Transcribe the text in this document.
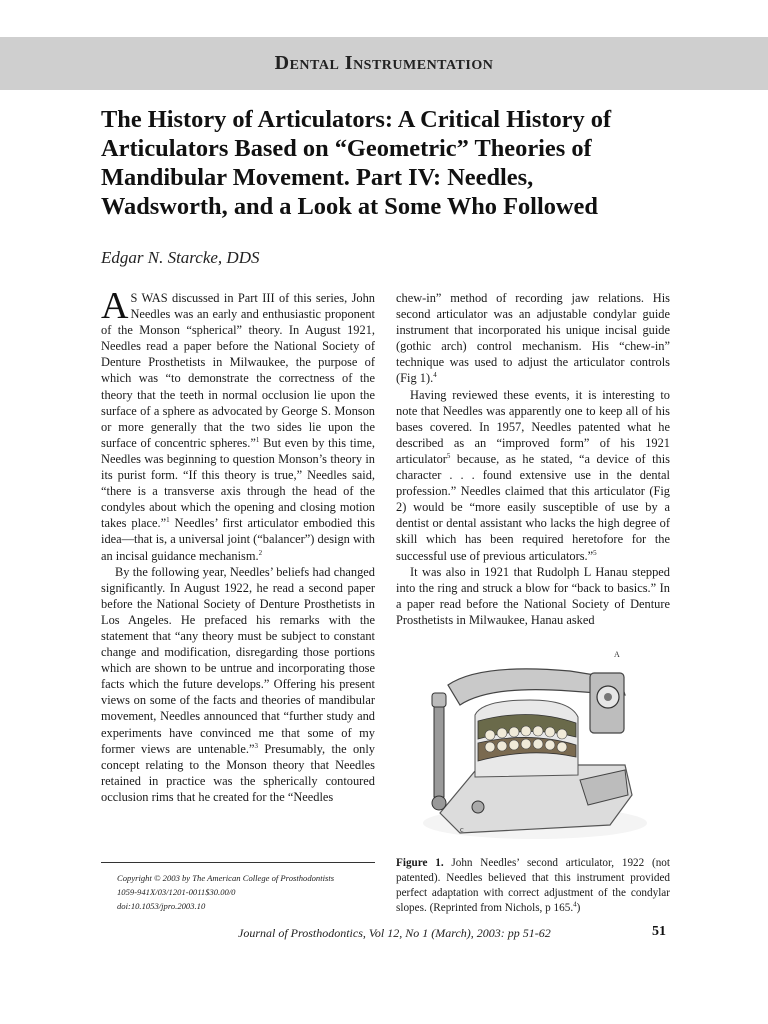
Dental Instrumentation
The History of Articulators: A Critical History of Articulators Based on “Geometric” Theories of Mandibular Movement. Part IV: Needles, Wadsworth, and a Look at Some Who Followed
Edgar N. Starcke, DDS

A S WAS discussed in Part III of this series, John Needles was an early and enthusiastic proponent of the Monson “spherical” theory. In August 1921, Needles read a paper before the National Society of Denture Prosthetists in Milwaukee, the purpose of which was “to demonstrate the correctness of the theory that the teeth in normal occlusion lie upon the surface of a sphere as advocated by George S. Monson or more generally that the two sides lie upon the surface of concentric spheres.”$^1$ But even by this time, Needles was beginning to question Monson’s theory in its purist form. “If this theory is true,” Needles said, “there is a transverse axis through the head of the condyles about which the opening and closing motion takes place.”$^1$ Needles’ first articulator embodied this idea—that is, a universal joint (“balancer”) design with an incisal guidance mechanism.$^2$

By the following year, Needles’ beliefs had changed significantly. In August 1922, he read a second paper before the National Society of Denture Prosthetists in Los Angeles. He prefaced his remarks with the statement that “any theory must be subject to constant change and modification, disregarding those portions which are shown to be untrue and incorporating those facts which the future develops.” Offering his present views on some of the facts and theories of mandibular movement, Needles announced that “further study and experiments have convinced me that some of my former views are untenable.”$^3$ Presumably, the only concept relating to the Monson theory that Needles retained in practice was the spherically contoured occlusion rims that he created for the “Needles

chew-in” method of recording jaw relations. His second articulator was an adjustable condylar guide instrument that incorporated his unique incisal guide (gothic arch) control mechanism. His “chew-in” technique was used to adjust the articulator controls (Fig 1).$^4$

Having reviewed these events, it is interesting to note that Needles was apparently one to keep all of his bases covered. In 1957, Needles patented what he described as an “improved form” of his 1921 articulator$^5$ because, as he stated, “a device of this character . . . found extensive use in the dental profession.” Needles claimed that this articulator (Fig 2) would be “more easily susceptible of use by a dentist or dental assistant who lacks the high degree of skill which has been required heretofore for the successful use of previous articulators.”$^5$

It was also in 1921 that Rudolph L Hanau stepped into the ring and struck a blow for “back to basics.” In a paper read before the National Society of Denture Prosthetists in Milwaukee, Hanau asked

A
c
Figure 1. John Needles’ second articulator, 1922 (not patented). Needles believed that this instrument provided perfect adaptation with correct adjustment of the condylar slopes. (Reprinted from Nichols, p 165.$^4$)
Copyright © 2003 by The American College of Prosthodontists
1059-941X/03/1201-0011$30.00/0
doi:10.1053/jpro.2003.10
Journal of Prosthodontics, Vol 12, No 1 (March), 2003: pp 51-62	51
